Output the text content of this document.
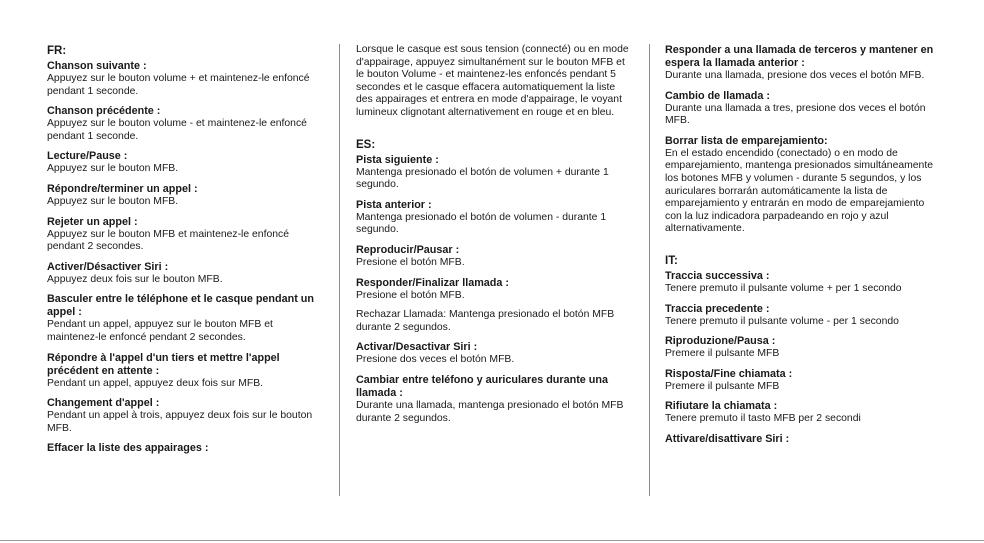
FR:
Chanson suivante :
Appuyez sur le bouton volume + et maintenez-le enfoncé pendant 1 seconde.
Chanson précédente :
Appuyez sur le bouton volume - et maintenez-le enfoncé pendant 1 seconde.
Lecture/Pause :
Appuyez sur le bouton MFB.
Répondre/terminer un appel :
Appuyez sur le bouton MFB.
Rejeter un appel :
Appuyez sur le bouton MFB et maintenez-le enfoncé pendant 2 secondes.
Activer/Désactiver Siri :
Appuyez deux fois sur le bouton MFB.
Basculer entre le téléphone et le casque pendant un appel :
Pendant un appel, appuyez sur le bouton MFB et maintenez-le enfoncé pendant 2 secondes.
Répondre à l'appel d'un tiers et mettre l'appel précédent en attente :
Pendant un appel, appuyez deux fois sur MFB.
Changement d'appel :
Pendant un appel à trois, appuyez deux fois sur le bouton MFB.
Effacer la liste des appairages :
Lorsque le casque est sous tension (connecté) ou en mode d'appairage, appuyez simultanément sur le bouton MFB et le bouton Volume - et maintenez-les enfoncés pendant 5 secondes et le casque effacera automatiquement la liste des appairages et entrera en mode d'appairage, le voyant lumineux clignotant alternativement en rouge et en bleu.
ES:
Pista siguiente :
Mantenga presionado el botón de volumen + durante 1 segundo.
Pista anterior :
Mantenga presionado el botón de volumen - durante 1 segundo.
Reproducir/Pausar :
Presione el botón MFB.
Responder/Finalizar llamada :
Presione el botón MFB.
Rechazar Llamada: Mantenga presionado el botón MFB durante 2 segundos.
Activar/Desactivar Siri :
Presione dos veces el botón MFB.
Cambiar entre teléfono y auriculares durante una llamada :
Durante una llamada, mantenga presionado el botón MFB durante 2 segundos.
Responder a una llamada de terceros y mantener en espera la llamada anterior :
Durante una llamada, presione dos veces el botón MFB.
Cambio de llamada :
Durante una llamada a tres, presione dos veces el botón MFB.
Borrar lista de emparejamiento:
En el estado encendido (conectado) o en modo de emparejamiento, mantenga presionados simultáneamente los botones MFB y volumen - durante 5 segundos, y los auriculares borrarán automáticamente la lista de emparejamiento y entrarán en modo de emparejamiento con la luz indicadora parpadeando en rojo y azul alternativamente.
IT:
Traccia successiva :
Tenere premuto il pulsante volume + per 1 secondo
Traccia precedente :
Tenere premuto il pulsante volume - per 1 secondo
Riproduzione/Pausa :
Premere il pulsante MFB
Risposta/Fine chiamata :
Premere il pulsante MFB
Rifiutare la chiamata :
Tenere premuto il tasto MFB per 2 secondi
Attivare/disattivare Siri :
